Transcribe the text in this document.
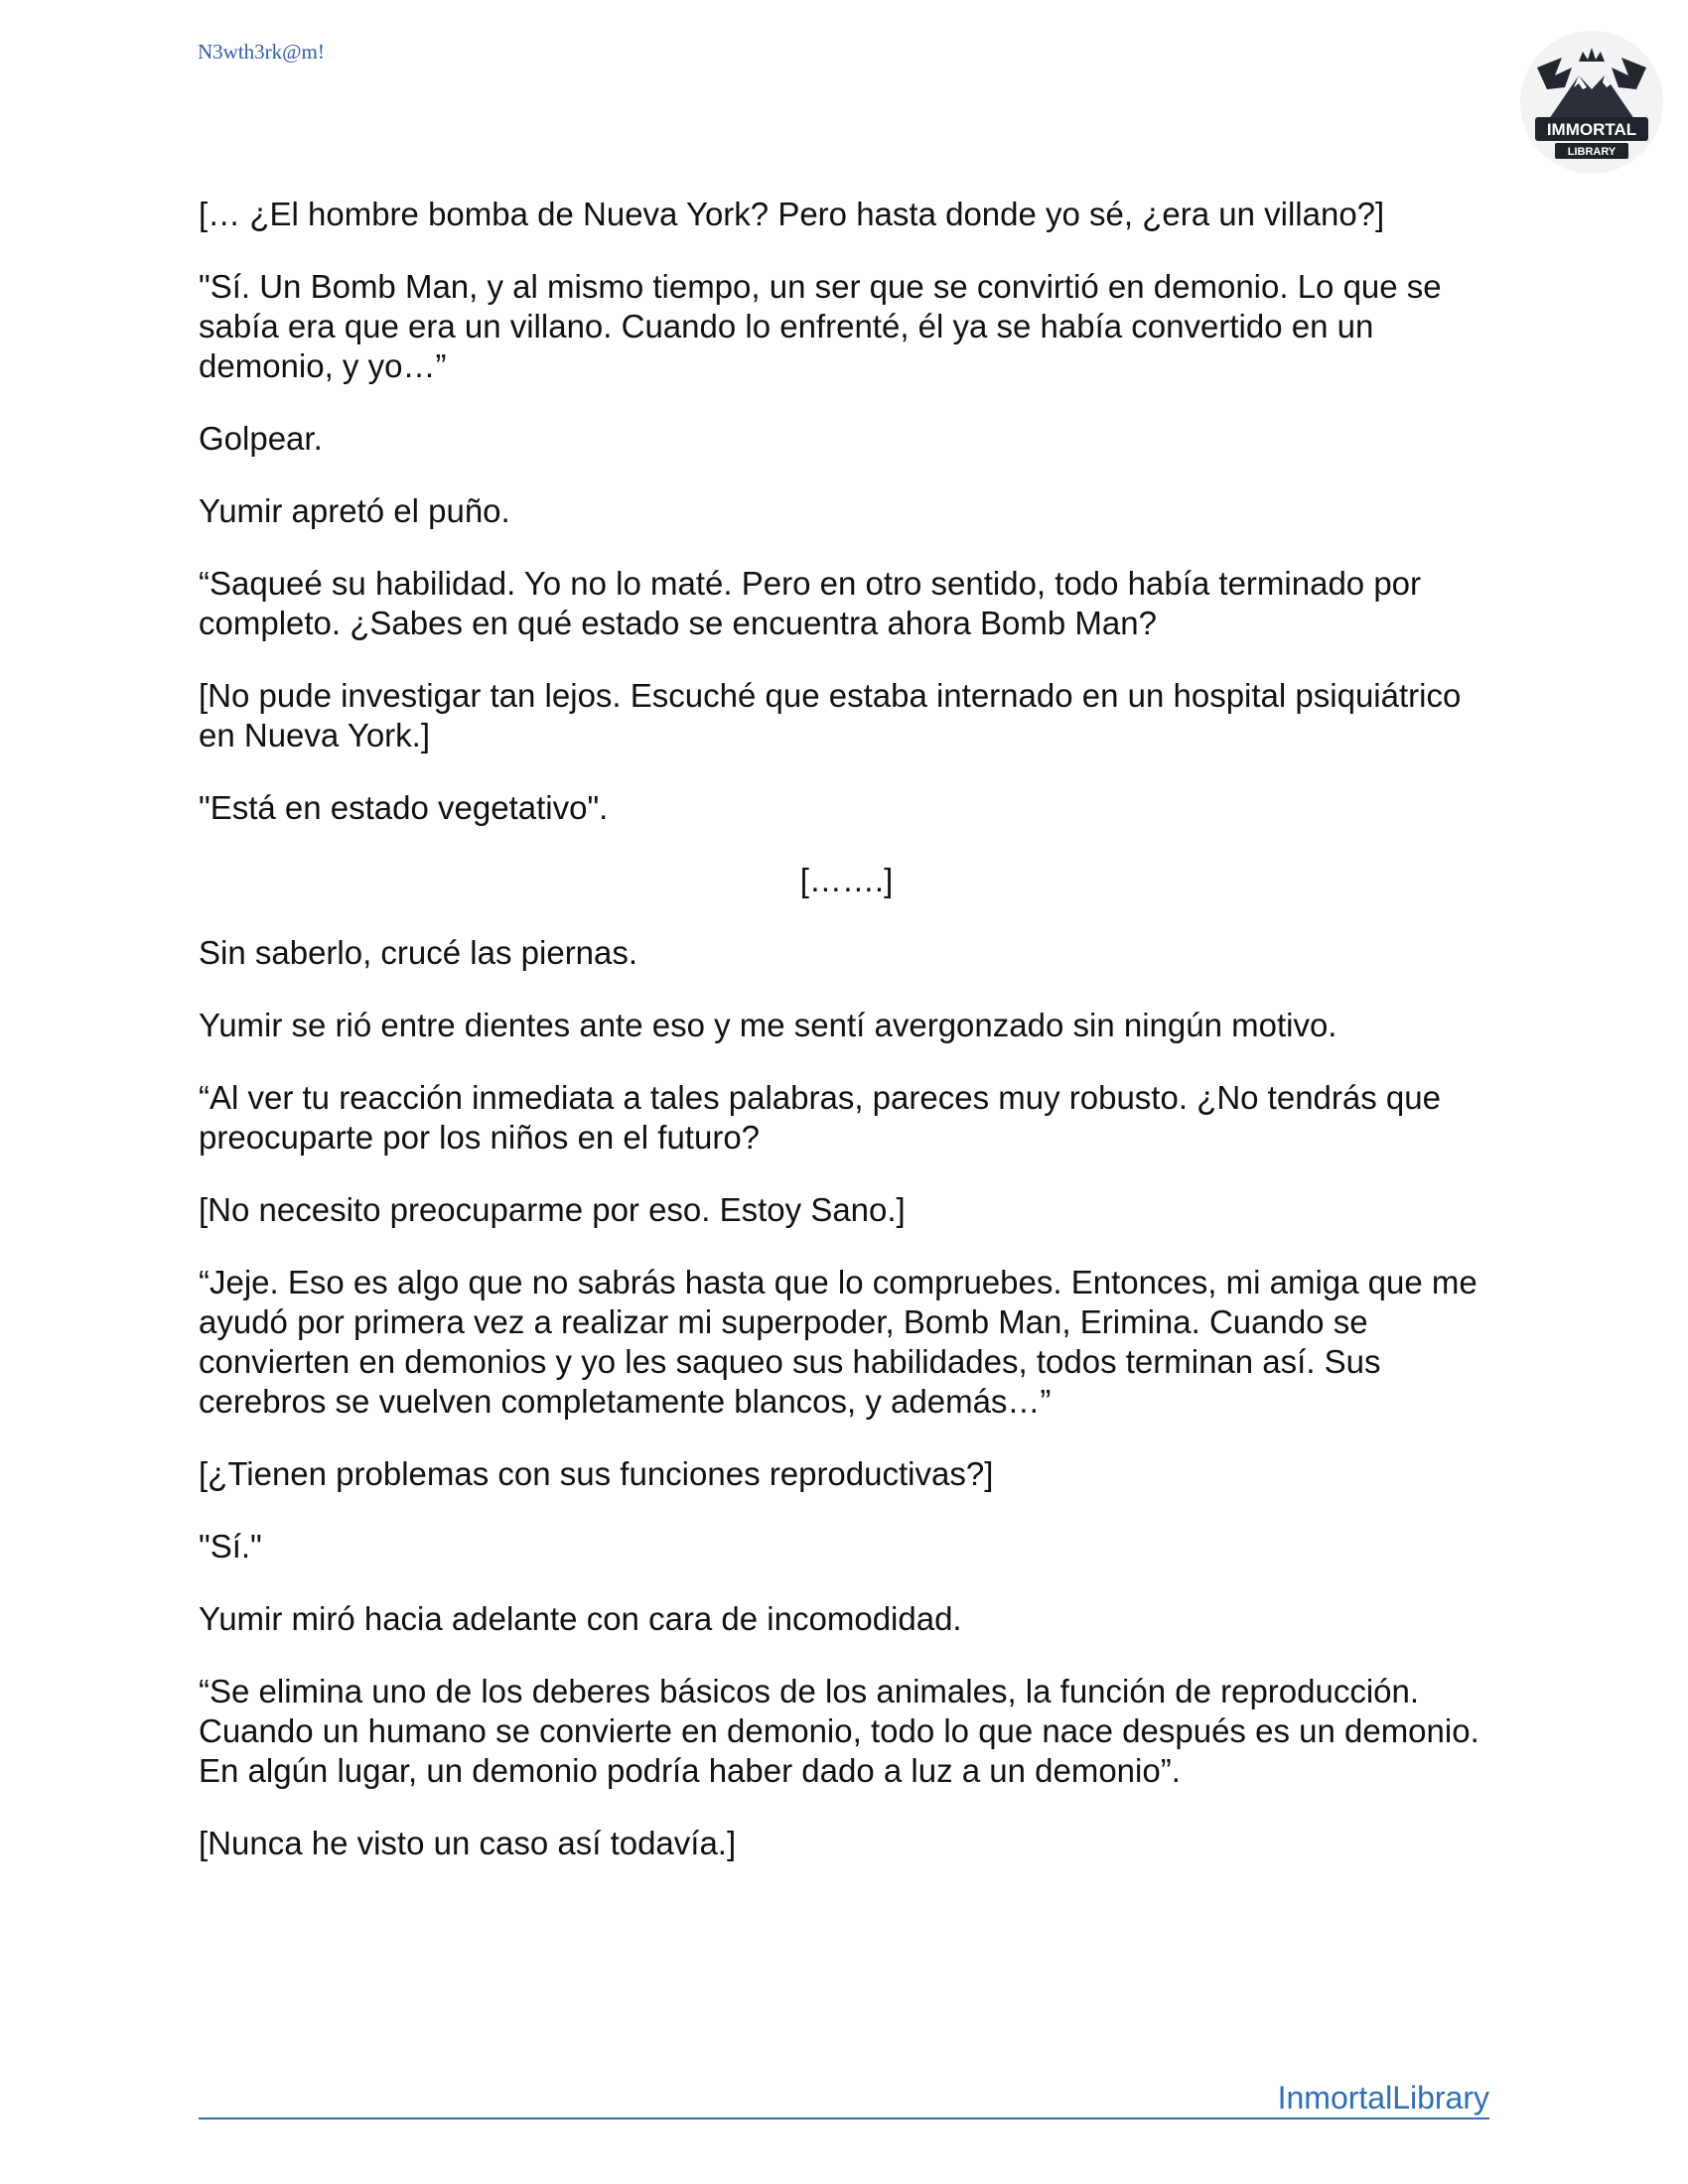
N3wth3rk@m!
IMMORTAL
LIBRARY

[… ¿El hombre bomba de Nueva York? Pero hasta donde yo sé, ¿era un villano?]

"Sí. Un Bomb Man, y al mismo tiempo, un ser que se convirtió en demonio. Lo que se sabía era que era un villano. Cuando lo enfrenté, él ya se había convertido en un demonio, y yo…”

Golpear.

Yumir apretó el puño.

“Saqueé su habilidad. Yo no lo maté. Pero en otro sentido, todo había terminado por completo. ¿Sabes en qué estado se encuentra ahora Bomb Man?

[No pude investigar tan lejos. Escuché que estaba internado en un hospital psiquiátrico en Nueva York.]

"Está en estado vegetativo".

[…….]

Sin saberlo, crucé las piernas.

Yumir se rió entre dientes ante eso y me sentí avergonzado sin ningún motivo.

“Al ver tu reacción inmediata a tales palabras, pareces muy robusto. ¿No tendrás que preocuparte por los niños en el futuro?

[No necesito preocuparme por eso. Estoy Sano.]

“Jeje. Eso es algo que no sabrás hasta que lo compruebes. Entonces, mi amiga que me ayudó por primera vez a realizar mi superpoder, Bomb Man, Erimina. Cuando se convierten en demonios y yo les saqueo sus habilidades, todos terminan así. Sus cerebros se vuelven completamente blancos, y además…”

[¿Tienen problemas con sus funciones reproductivas?]

"Sí."

Yumir miró hacia adelante con cara de incomodidad.

“Se elimina uno de los deberes básicos de los animales, la función de reproducción. Cuando un humano se convierte en demonio, todo lo que nace después es un demonio. En algún lugar, un demonio podría haber dado a luz a un demonio”.

[Nunca he visto un caso así todavía.]

InmortalLibrary
